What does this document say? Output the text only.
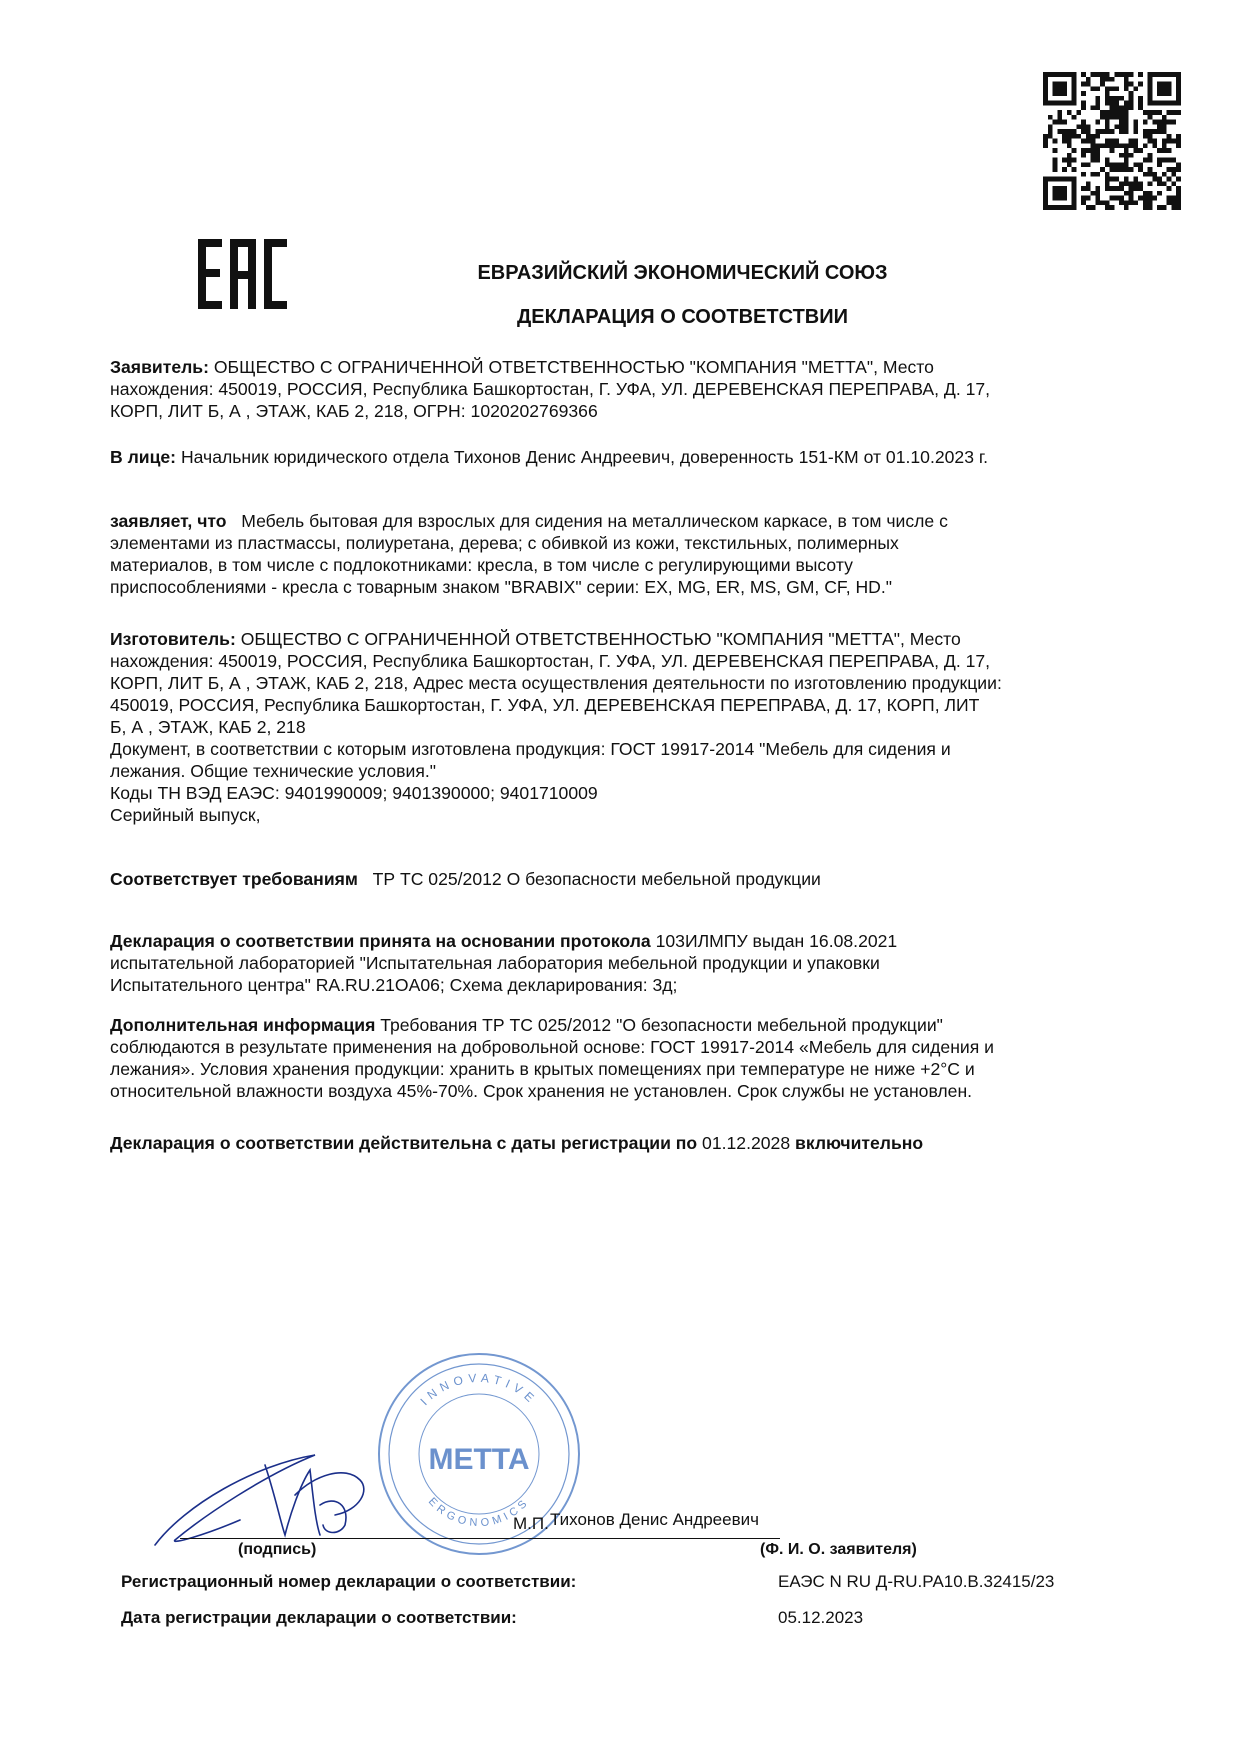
ЕВРАЗИЙСКИЙ ЭКОНОМИЧЕСКИЙ СОЮЗ
ДЕКЛАРАЦИЯ О СООТВЕТСТВИИ
Заявитель: ОБЩЕСТВО С ОГРАНИЧЕННОЙ ОТВЕТСТВЕННОСТЬЮ "КОМПАНИЯ "МЕТТА", Место
нахождения: 450019, РОССИЯ, Республика Башкортостан, Г. УФА, УЛ. ДЕРЕВЕНСКАЯ ПЕРЕПРАВА, Д. 17,
КОРП, ЛИТ Б, А , ЭТАЖ, КАБ 2, 218, ОГРН: 1020202769366
В лице: Начальник юридического отдела Тихонов Денис Андреевич, доверенность 151-КМ от 01.10.2023 г.
заявляет, что Мебель бытовая для взрослых для сидения на металлическом каркасе, в том числе с
элементами из пластмассы, полиуретана, дерева; с обивкой из кожи, текстильных, полимерных
материалов, в том числе с подлокотниками: кресла, в том числе с регулирующими высоту
приспособлениями - кресла с товарным знаком "BRABIX" серии: EX, MG, ER, MS, GM, CF, HD."
Изготовитель: ОБЩЕСТВО С ОГРАНИЧЕННОЙ ОТВЕТСТВЕННОСТЬЮ "КОМПАНИЯ "МЕТТА", Место
нахождения: 450019, РОССИЯ, Республика Башкортостан, Г. УФА, УЛ. ДЕРЕВЕНСКАЯ ПЕРЕПРАВА, Д. 17,
КОРП, ЛИТ Б, А , ЭТАЖ, КАБ 2, 218, Адрес места осуществления деятельности по изготовлению продукции:
450019, РОССИЯ, Республика Башкортостан, Г. УФА, УЛ. ДЕРЕВЕНСКАЯ ПЕРЕПРАВА, Д. 17, КОРП, ЛИТ
Б, А , ЭТАЖ, КАБ 2, 218
Документ, в соответствии с которым изготовлена продукция: ГОСТ 19917-2014 "Мебель для сидения и
лежания. Общие технические условия."
Коды ТН ВЭД ЕАЭС: 9401990009; 9401390000; 9401710009
Серийный выпуск,
Соответствует требованиям ТР ТС 025/2012 О безопасности мебельной продукции
Декларация о соответствии принята на основании протокола 103ИЛМПУ выдан 16.08.2021
испытательной лабораторией "Испытательная лаборатория мебельной продукции и упаковки
Испытательного центра" RA.RU.21OA06; Схема декларирования: 3д;
Дополнительная информация Требования ТР ТС 025/2012 "О безопасности мебельной продукции"
соблюдаются в результате применения на добровольной основе: ГОСТ 19917-2014 «Мебель для сидения и
лежания». Условия хранения продукции: хранить в крытых помещениях при температуре не ниже +2°С и
относительной влажности воздуха 45%-70%. Срок хранения не установлен. Срок службы не установлен.
Декларация о соответствии действительна с даты регистрации по 01.12.2028 включительно
INNOVATIVE
ERGONOMICS
METTA
М.П. Тихонов Денис Андреевич
(подпись)	(Ф. И. О. заявителя)
Регистрационный номер декларации о соответствии:	ЕАЭС N RU Д-RU.РА10.В.32415/23
Дата регистрации декларации о соответствии:	05.12.2023
